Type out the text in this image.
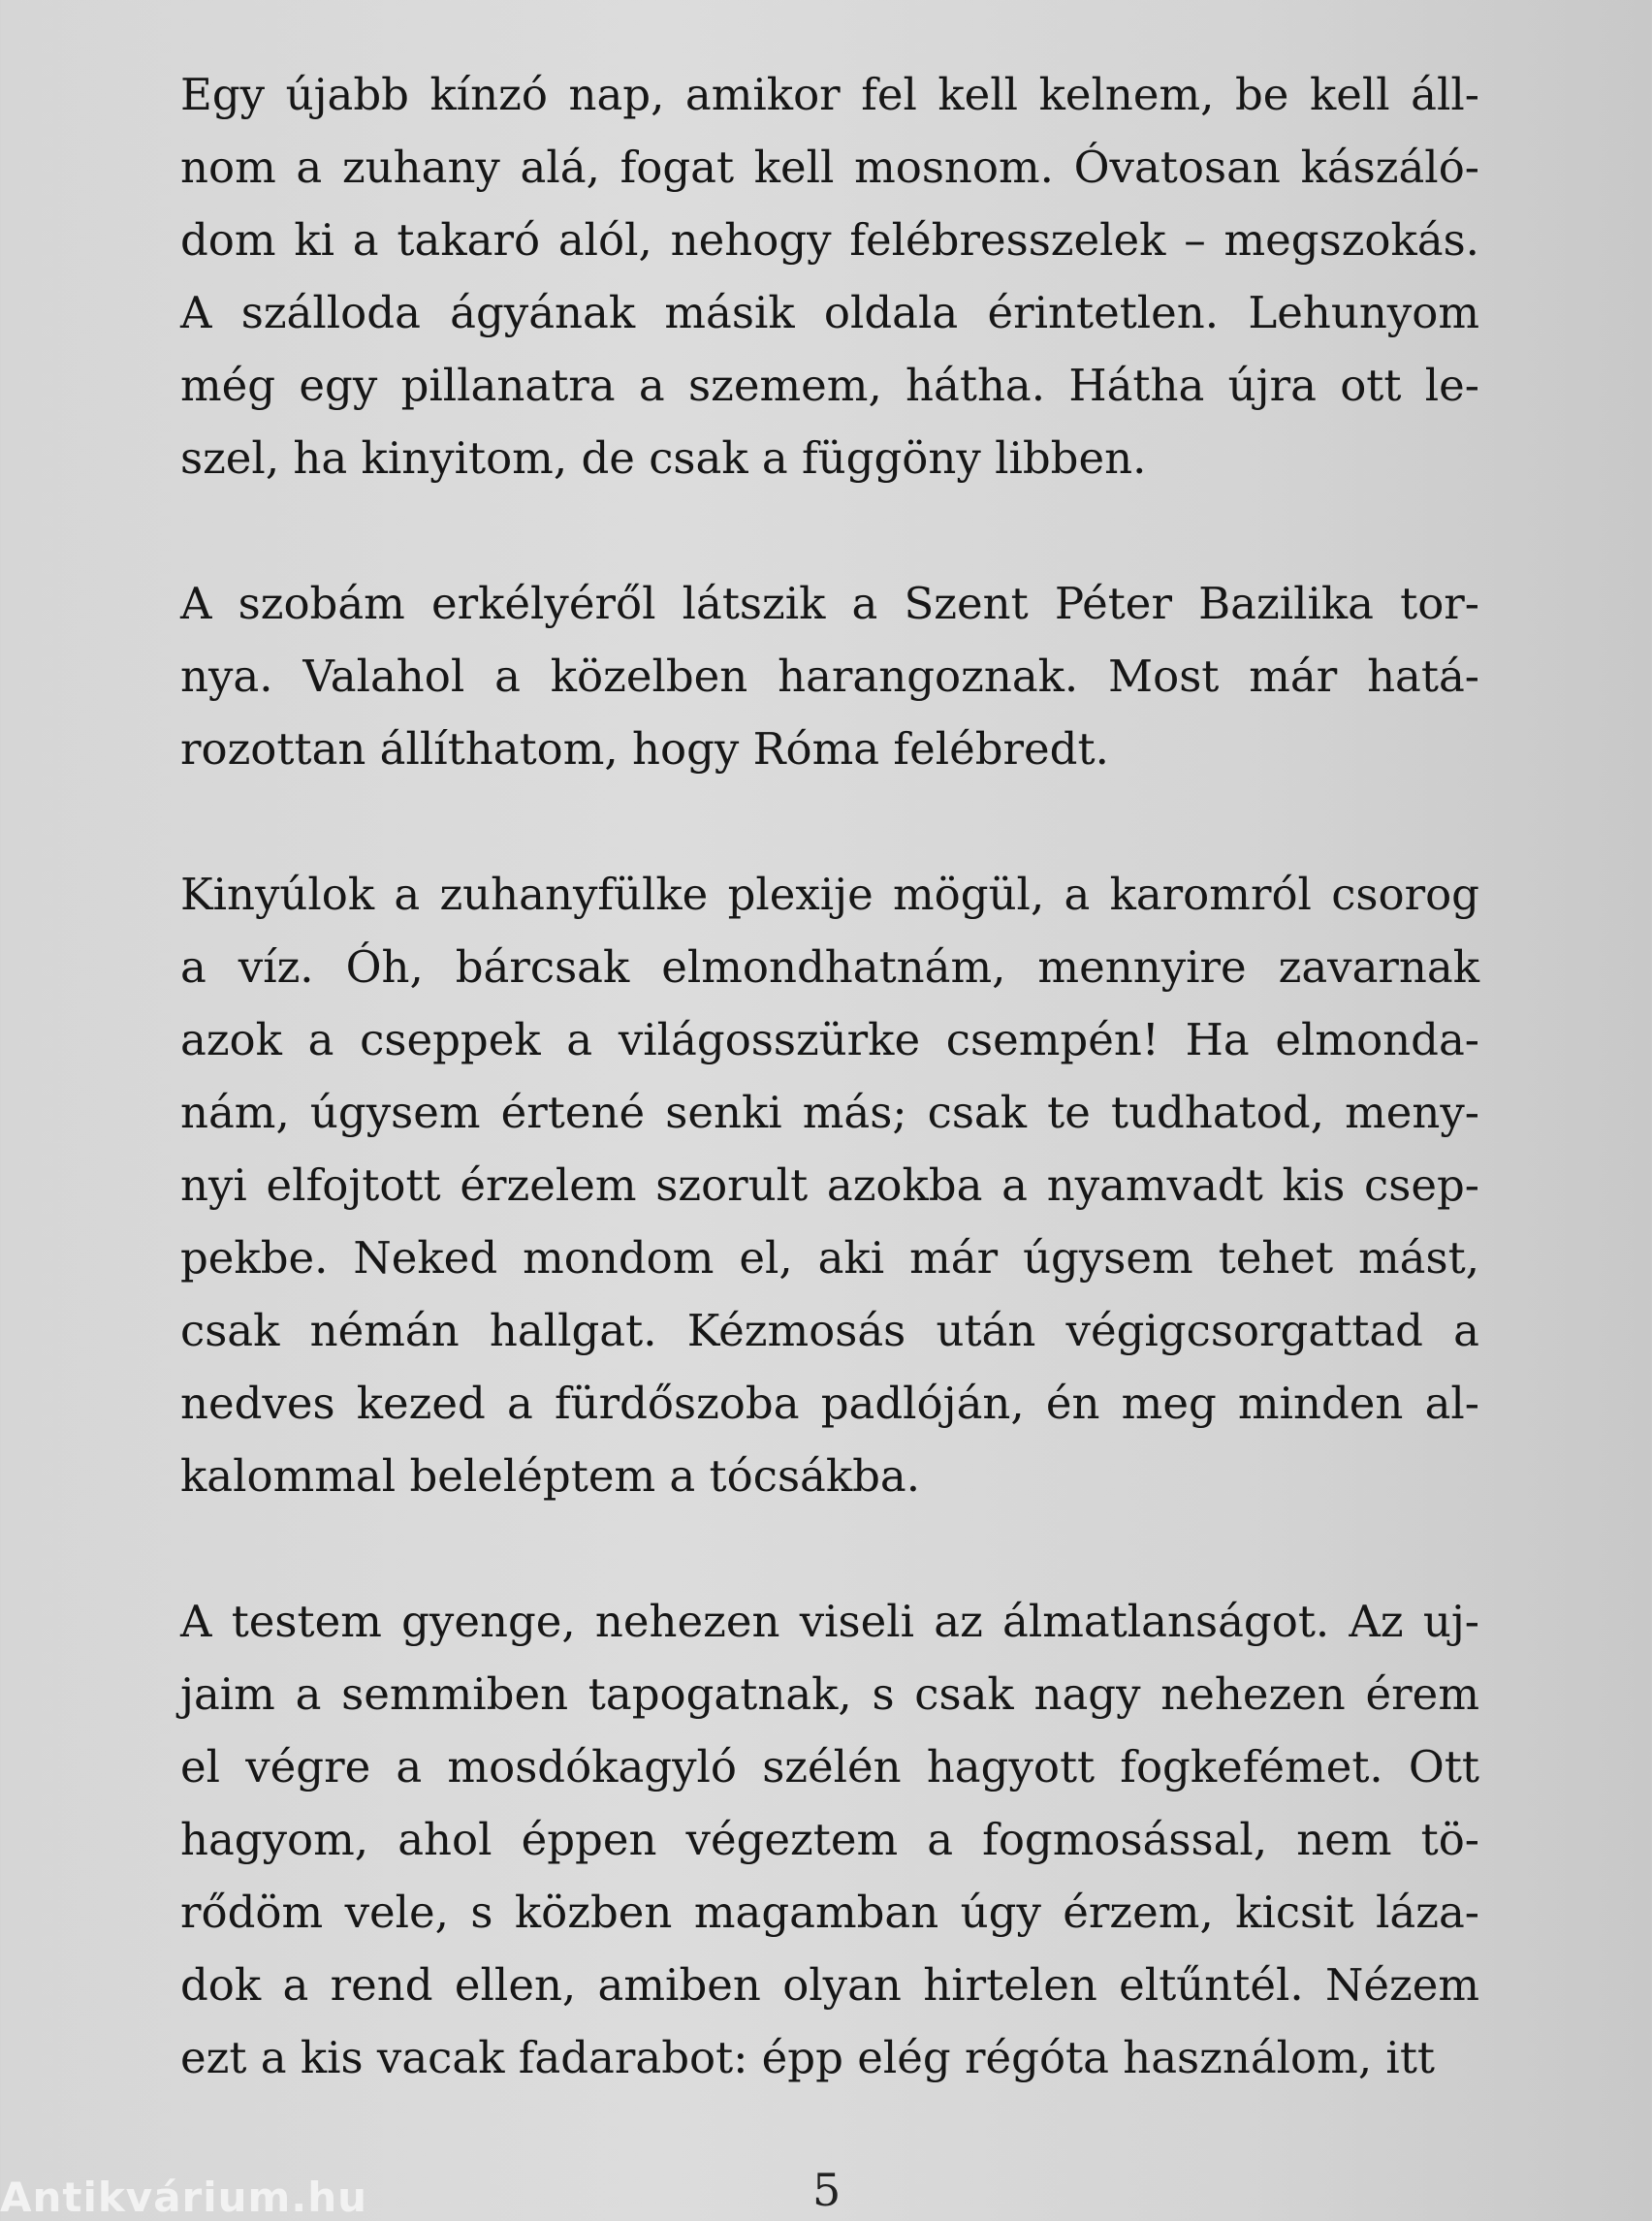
Egy újabb kínzó nap, amikor fel kell kelnem, be kell áll-
nom a zuhany alá, fogat kell mosnom. Óvatosan kászáló-
dom ki a takaró alól, nehogy felébresszelek – megszokás.
A szálloda ágyának másik oldala érintetlen. Lehunyom
még egy pillanatra a szemem, hátha. Hátha újra ott le-
szel, ha kinyitom, de csak a függöny libben.

A szobám erkélyéről látszik a Szent Péter Bazilika tor-
nya. Valahol a közelben harangoznak. Most már hatá-
rozottan állíthatom, hogy Róma felébredt.

Kinyúlok a zuhanyfülke plexije mögül, a karomról csorog
a víz. Óh, bárcsak elmondhatnám, mennyire zavarnak
azok a cseppek a világosszürke csempén! Ha elmonda-
nám, úgysem értené senki más; csak te tudhatod, meny-
nyi elfojtott érzelem szorult azokba a nyamvadt kis csep-
pekbe. Neked mondom el, aki már úgysem tehet mást,
csak némán hallgat. Kézmosás után végigcsorgattad a
nedves kezed a fürdőszoba padlóján, én meg minden al-
kalommal beleléptem a tócsákba.

A testem gyenge, nehezen viseli az álmatlanságot. Az uj-
jaim a semmiben tapogatnak, s csak nagy nehezen érem
el végre a mosdókagyló szélén hagyott fogkefémet. Ott
hagyom, ahol éppen végeztem a fogmosással, nem tö-
rődöm vele, s közben magamban úgy érzem, kicsit láza-
dok a rend ellen, amiben olyan hirtelen eltűntél. Nézem
ezt a kis vacak fadarabot: épp elég régóta használom, itt

5
Antikvárium.hu
